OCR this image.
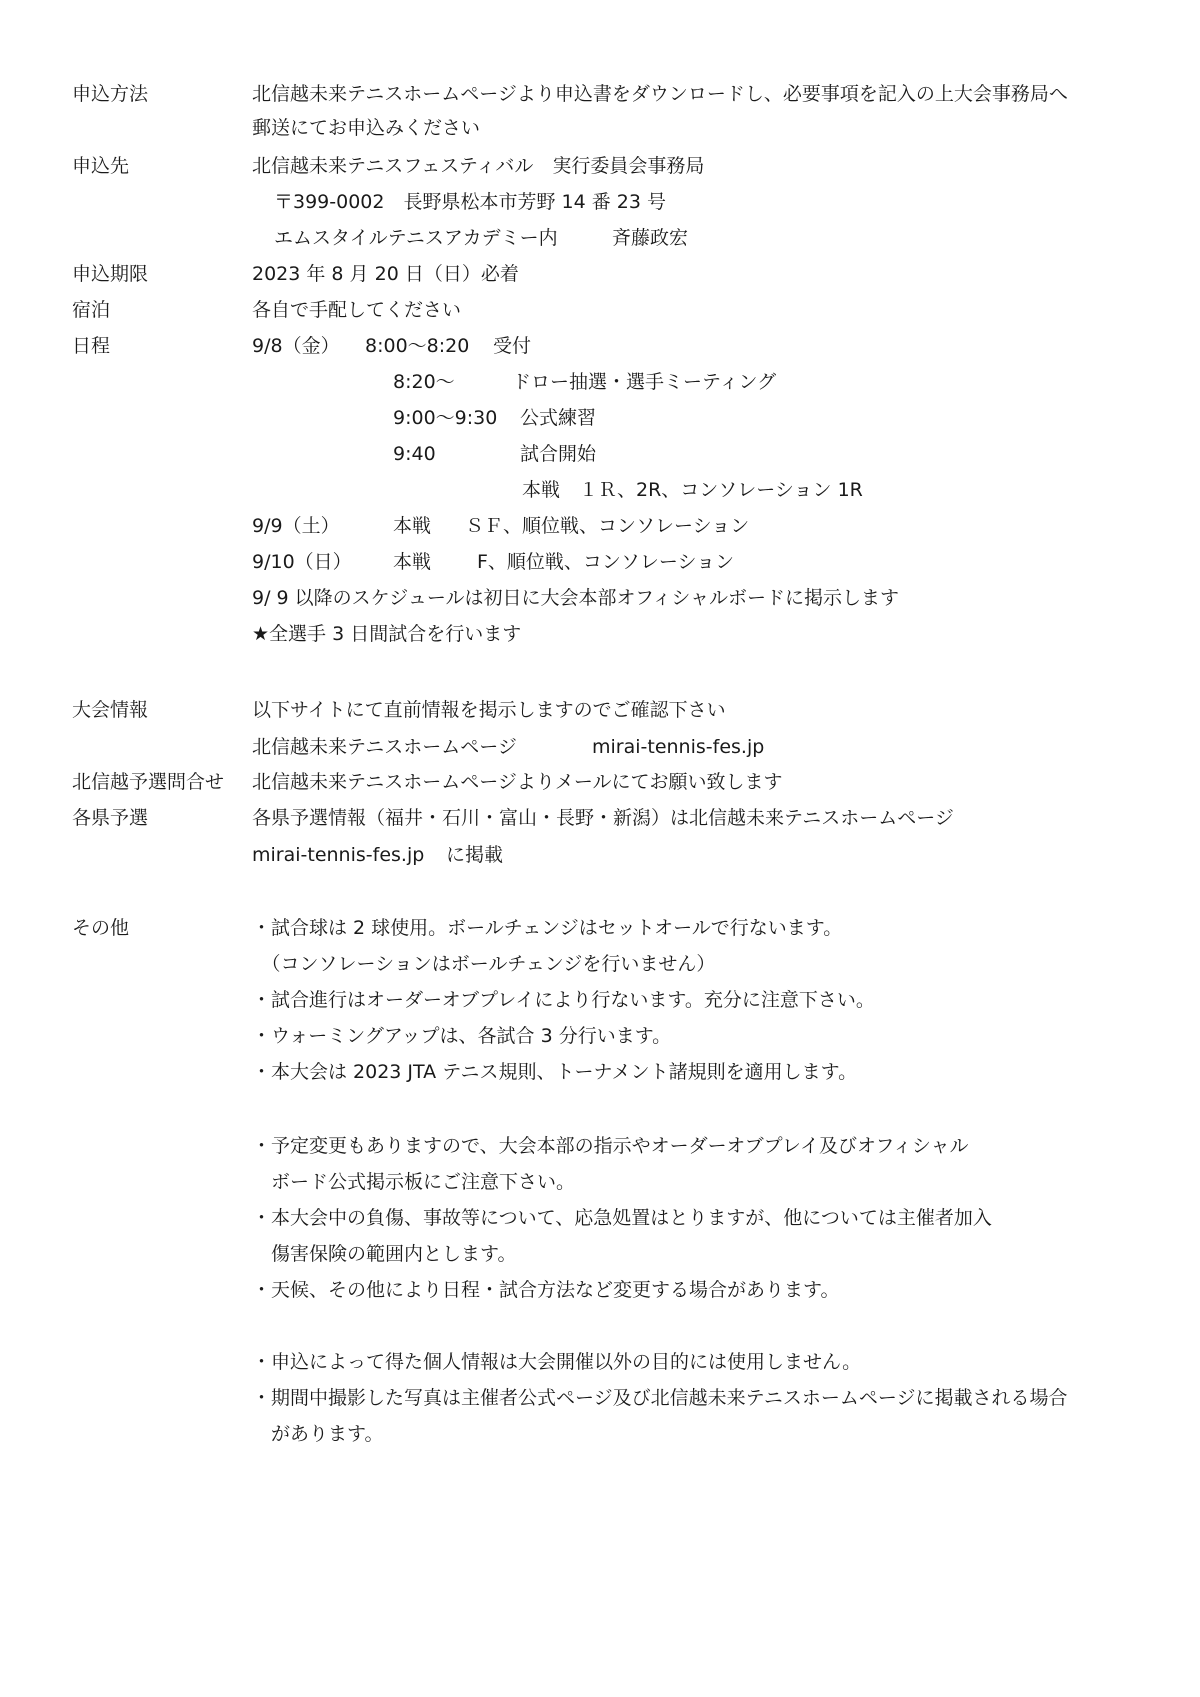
申込方法	北信越未来テニスホームページより申込書をダウンロードし、必要事項を記入の上大会事務局へ
郵送にてお申込みください
申込先	北信越未来テニスフェスティバル　実行委員会事務局
〒399-0002　長野県松本市芳野 14 番 23 号
エムスタイルテニスアカデミー内	斉藤政宏
申込期限	2023 年 8 月 20 日（日）必着
宿泊	各自で手配してください
日程	9/8（金） 8:00〜8:20 受付
8:20〜	ドロー抽選・選手ミーティング
9:00〜9:30 公式練習
9:40	試合開始
本戦　１Ｒ、2R、コンソレーション 1R
9/9（土）	本戦 ＳＦ、順位戦、コンソレーション
9/10（日） 本戦 F、順位戦、コンソレーション
9/ 9 以降のスケジュールは初日に大会本部オフィシャルボードに掲示します
★全選手 3 日間試合を行います
大会情報	以下サイトにて直前情報を掲示しますのでご確認下さい
北信越未来テニスホームページ	mirai-tennis-fes.jp
北信越予選問合せ 北信越未来テニスホームページよりメールにてお願い致します
各県予選	各県予選情報（福井・石川・富山・長野・新潟）は北信越未来テニスホームページ
mirai-tennis-fes.jp に掲載
その他	・試合球は 2 球使用。ボールチェンジはセットオールで行ないます。
　（コンソレーションはボールチェンジを行いません）
・試合進行はオーダーオブプレイにより行ないます。充分に注意下さい。
・ウォーミングアップは、各試合 3 分行います。
・本大会は 2023 JTA テニス規則、トーナメント諸規則を適用します。
・予定変更もありますので、大会本部の指示やオーダーオブプレイ及びオフィシャル
　ボード公式掲示板にご注意下さい。
・本大会中の負傷、事故等について、応急処置はとりますが、他については主催者加入
　傷害保険の範囲内とします。
・天候、その他により日程・試合方法など変更する場合があります。
・申込によって得た個人情報は大会開催以外の目的には使用しません。
・期間中撮影した写真は主催者公式ページ及び北信越未来テニスホームページに掲載される場合
　があります。
